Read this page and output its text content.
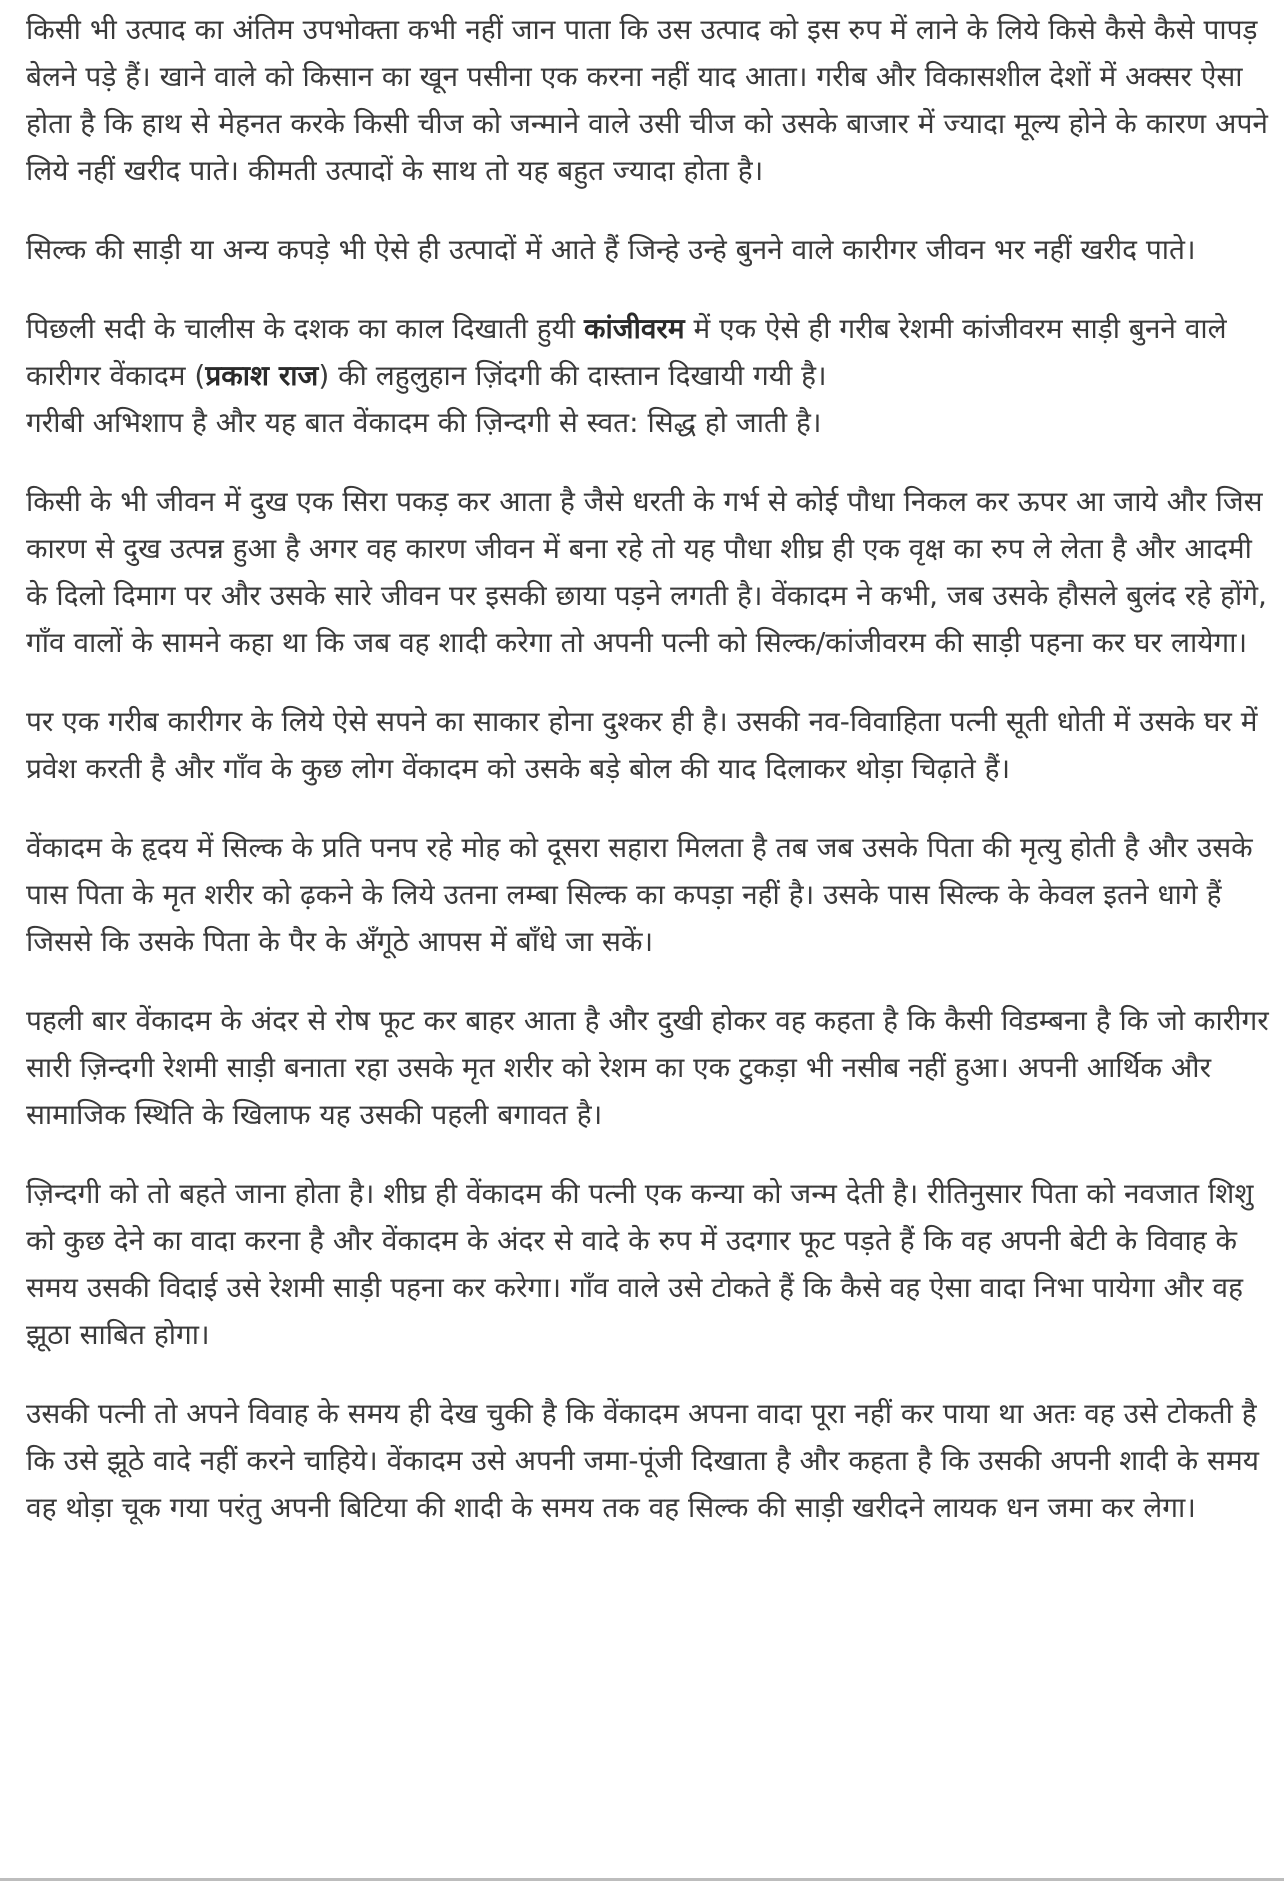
किसी भी उत्पाद का अंतिम उपभोक्ता कभी नहीं जान पाता कि उस उत्पाद को इस रुप में लाने के लिये किसे कैसे कैसे पापड़ बेलने पड़े हैं। खाने वाले को किसान का खून पसीना एक करना नहीं याद आता। गरीब और विकासशील देशों में अक्सर ऐसा होता है कि हाथ से मेहनत करके किसी चीज को जन्माने वाले उसी चीज को उसके बाजार में ज्यादा मूल्य होने के कारण अपने लिये नहीं खरीद पाते। कीमती उत्पादों के साथ तो यह बहुत ज्यादा होता है।

सिल्क की साड़ी या अन्य कपड़े भी ऐसे ही उत्पादों में आते हैं जिन्हे उन्हे बुनने वाले कारीगर जीवन भर नहीं खरीद पाते।

पिछली सदी के चालीस के दशक का काल दिखाती हुयी कांजीवरम में एक ऐसे ही गरीब रेशमी कांजीवरम साड़ी बुनने वाले कारीगर वेंकादम (प्रकाश राज) की लहुलुहान ज़िंदगी की दास्तान दिखायी गयी है।

गरीबी अभिशाप है और यह बात वेंकादम की ज़िन्दगी से स्वत: सिद्ध हो जाती है।

किसी के भी जीवन में दुख एक सिरा पकड़ कर आता है जैसे धरती के गर्भ से कोई पौधा निकल कर ऊपर आ जाये और जिस कारण से दुख उत्पन्न हुआ है अगर वह कारण जीवन में बना रहे तो यह पौधा शीघ्र ही एक वृक्ष का रुप ले लेता है और आदमी के दिलो दिमाग पर और उसके सारे जीवन पर इसकी छाया पड़ने लगती है। वेंकादम ने कभी, जब उसके हौसले बुलंद रहे होंगे, गाँव वालों के सामने कहा था कि जब वह शादी करेगा तो अपनी पत्नी को सिल्क/कांजीवरम की साड़ी पहना कर घर लायेगा।

पर एक गरीब कारीगर के लिये ऐसे सपने का साकार होना दुश्कर ही है। उसकी नव-विवाहिता पत्नी सूती धोती में उसके घर में प्रवेश करती है और गाँव के कुछ लोग वेंकादम को उसके बड़े बोल की याद दिलाकर थोड़ा चिढ़ाते हैं।

वेंकादम के हृदय में सिल्क के प्रति पनप रहे मोह को दूसरा सहारा मिलता है तब जब उसके पिता की मृत्यु होती है और उसके पास पिता के मृत शरीर को ढ़कने के लिये उतना लम्बा सिल्क का कपड़ा नहीं है। उसके पास सिल्क के केवल इतने धागे हैं जिससे कि उसके पिता के पैर के अँगूठे आपस में बाँधे जा सकें।

पहली बार वेंकादम के अंदर से रोष फूट कर बाहर आता है और दुखी होकर वह कहता है कि कैसी विडम्बना है कि जो कारीगर सारी ज़िन्दगी रेशमी साड़ी बनाता रहा उसके मृत शरीर को रेशम का एक टुकड़ा भी नसीब नहीं हुआ। अपनी आर्थिक और सामाजिक स्थिति के खिलाफ यह उसकी पहली बगावत है।

ज़िन्दगी को तो बहते जाना होता है। शीघ्र ही वेंकादम की पत्नी एक कन्या को जन्म देती है। रीतिनुसार पिता को नवजात शिशु को कुछ देने का वादा करना है और वेंकादम के अंदर से वादे के रुप में उदगार फूट पड़ते हैं कि वह अपनी बेटी के विवाह के समय उसकी विदाई उसे रेशमी साड़ी पहना कर करेगा। गाँव वाले उसे टोकते हैं कि कैसे वह ऐसा वादा निभा पायेगा और वह झूठा साबित होगा।

उसकी पत्नी तो अपने विवाह के समय ही देख चुकी है कि वेंकादम अपना वादा पूरा नहीं कर पाया था अतः वह उसे टोकती है कि उसे झूठे वादे नहीं करने चाहिये। वेंकादम उसे अपनी जमा-पूंजी दिखाता है और कहता है कि उसकी अपनी शादी के समय वह थोड़ा चूक गया परंतु अपनी बिटिया की शादी के समय तक वह सिल्क की साड़ी खरीदने लायक धन जमा कर लेगा।
